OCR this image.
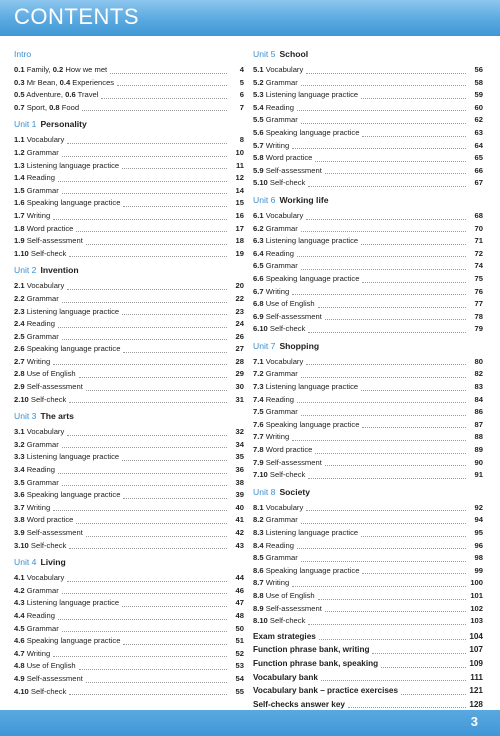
CONTENTS
Intro
0.1 Family, 0.2 How we met	4
0.3 Mr Bean, 0.4 Experiences	5
0.5 Adventure, 0.6 Travel	6
0.7 Sport, 0.8 Food	7
Unit 1 Personality
1.1 Vocabulary	8
1.2 Grammar	10
1.3 Listening language practice	11
1.4 Reading	12
1.5 Grammar	14
1.6 Speaking language practice	15
1.7 Writing	16
1.8 Word practice	17
1.9 Self-assessment	18
1.10 Self-check	19
Unit 2 Invention
2.1 Vocabulary	20
2.2 Grammar	22
2.3 Listening language practice	23
2.4 Reading	24
2.5 Grammar	26
2.6 Speaking language practice	27
2.7 Writing	28
2.8 Use of English	29
2.9 Self-assessment	30
2.10 Self-check	31
Unit 3 The arts
3.1 Vocabulary	32
3.2 Grammar	34
3.3 Listening language practice	35
3.4 Reading	36
3.5 Grammar	38
3.6 Speaking language practice	39
3.7 Writing	40
3.8 Word practice	41
3.9 Self-assessment	42
3.10 Self-check	43
Unit 4 Living
4.1 Vocabulary	44
4.2 Grammar	46
4.3 Listening language practice	47
4.4 Reading	48
4.5 Grammar	50
4.6 Speaking language practice	51
4.7 Writing	52
4.8 Use of English	53
4.9 Self-assessment	54
4.10 Self-check	55
Unit 5 School
5.1 Vocabulary	56
5.2 Grammar	58
5.3 Listening language practice	59
5.4 Reading	60
5.5 Grammar	62
5.6 Speaking language practice	63
5.7 Writing	64
5.8 Word practice	65
5.9 Self-assessment	66
5.10 Self-check	67
Unit 6 Working life
6.1 Vocabulary	68
6.2 Grammar	70
6.3 Listening language practice	71
6.4 Reading	72
6.5 Grammar	74
6.6 Speaking language practice	75
6.7 Writing	76
6.8 Use of English	77
6.9 Self-assessment	78
6.10 Self-check	79
Unit 7 Shopping
7.1 Vocabulary	80
7.2 Grammar	82
7.3 Listening language practice	83
7.4 Reading	84
7.5 Grammar	86
7.6 Speaking language practice	87
7.7 Writing	88
7.8 Word practice	89
7.9 Self-assessment	90
7.10 Self-check	91
Unit 8 Society
8.1 Vocabulary	92
8.2 Grammar	94
8.3 Listening language practice	95
8.4 Reading	96
8.5 Grammar	98
8.6 Speaking language practice	99
8.7 Writing	100
8.8 Use of English	101
8.9 Self-assessment	102
8.10 Self-check	103
Exam strategies	104
Function phrase bank, writing	107
Function phrase bank, speaking	109
Vocabulary bank	111
Vocabulary bank – practice exercises	121
Self-checks answer key	128
3
